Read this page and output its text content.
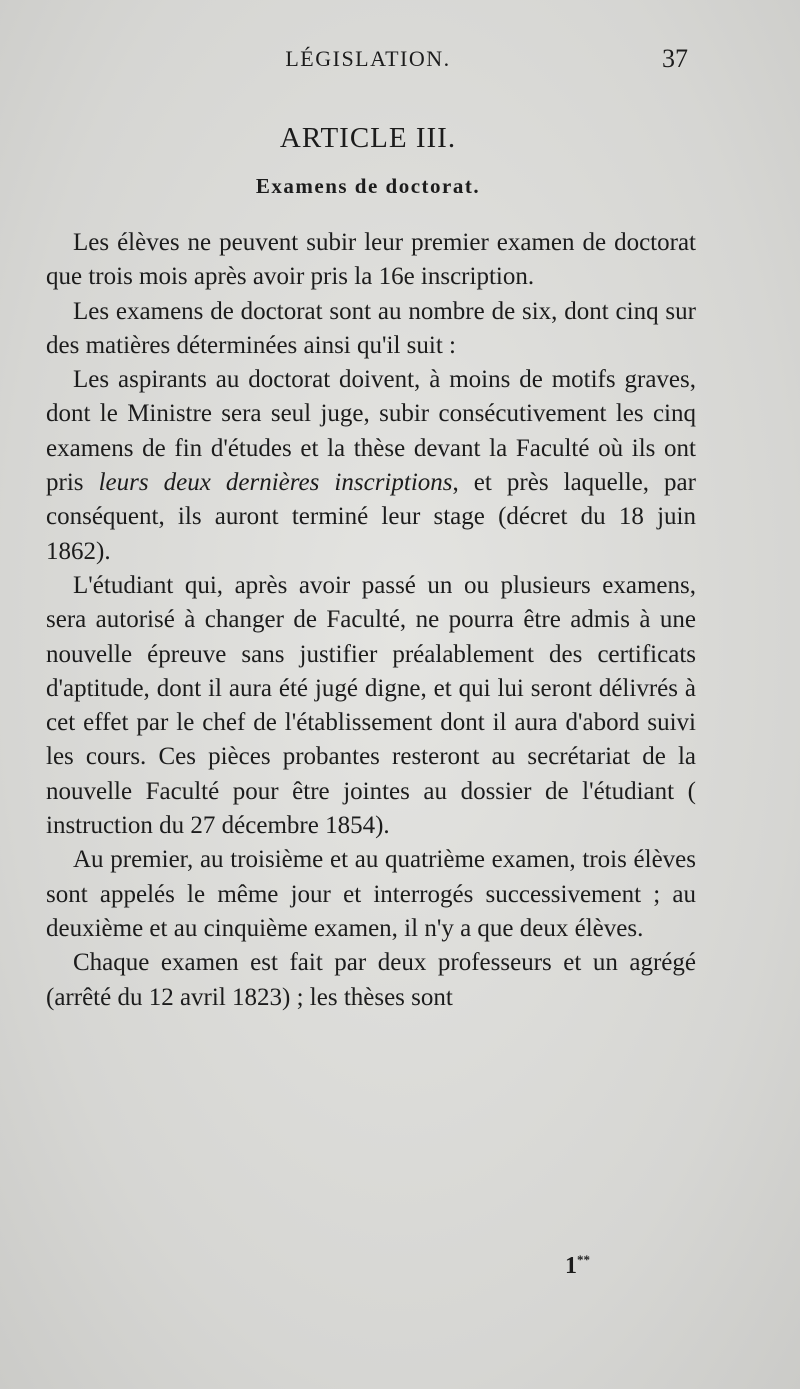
LÉGISLATION.	37
ARTICLE III.
Examens de doctorat.

Les élèves ne peuvent subir leur premier examen de doctorat que trois mois après avoir pris la 16e inscription.

Les examens de doctorat sont au nombre de six, dont cinq sur des matières déterminées ainsi qu'il suit :

Les aspirants au doctorat doivent, à moins de motifs graves, dont le Ministre sera seul juge, subir consécutivement les cinq examens de fin d'études et la thèse devant la Faculté où ils ont pris leurs deux dernières inscriptions, et près laquelle, par conséquent, ils auront terminé leur stage (décret du 18 juin 1862).

L'étudiant qui, après avoir passé un ou plusieurs examens, sera autorisé à changer de Faculté, ne pourra être admis à une nouvelle épreuve sans justifier préalablement des certificats d'aptitude, dont il aura été jugé digne, et qui lui seront délivrés à cet effet par le chef de l'établissement dont il aura d'abord suivi les cours. Ces pièces probantes resteront au secrétariat de la nouvelle Faculté pour être jointes au dossier de l'étudiant ( instruction du 27 décembre 1854).

Au premier, au troisième et au quatrième examen, trois élèves sont appelés le même jour et interrogés successivement ; au deuxième et au cinquième examen, il n'y a que deux élèves.

Chaque examen est fait par deux professeurs et un agrégé (arrêté du 12 avril 1823) ; les thèses sont

1**
